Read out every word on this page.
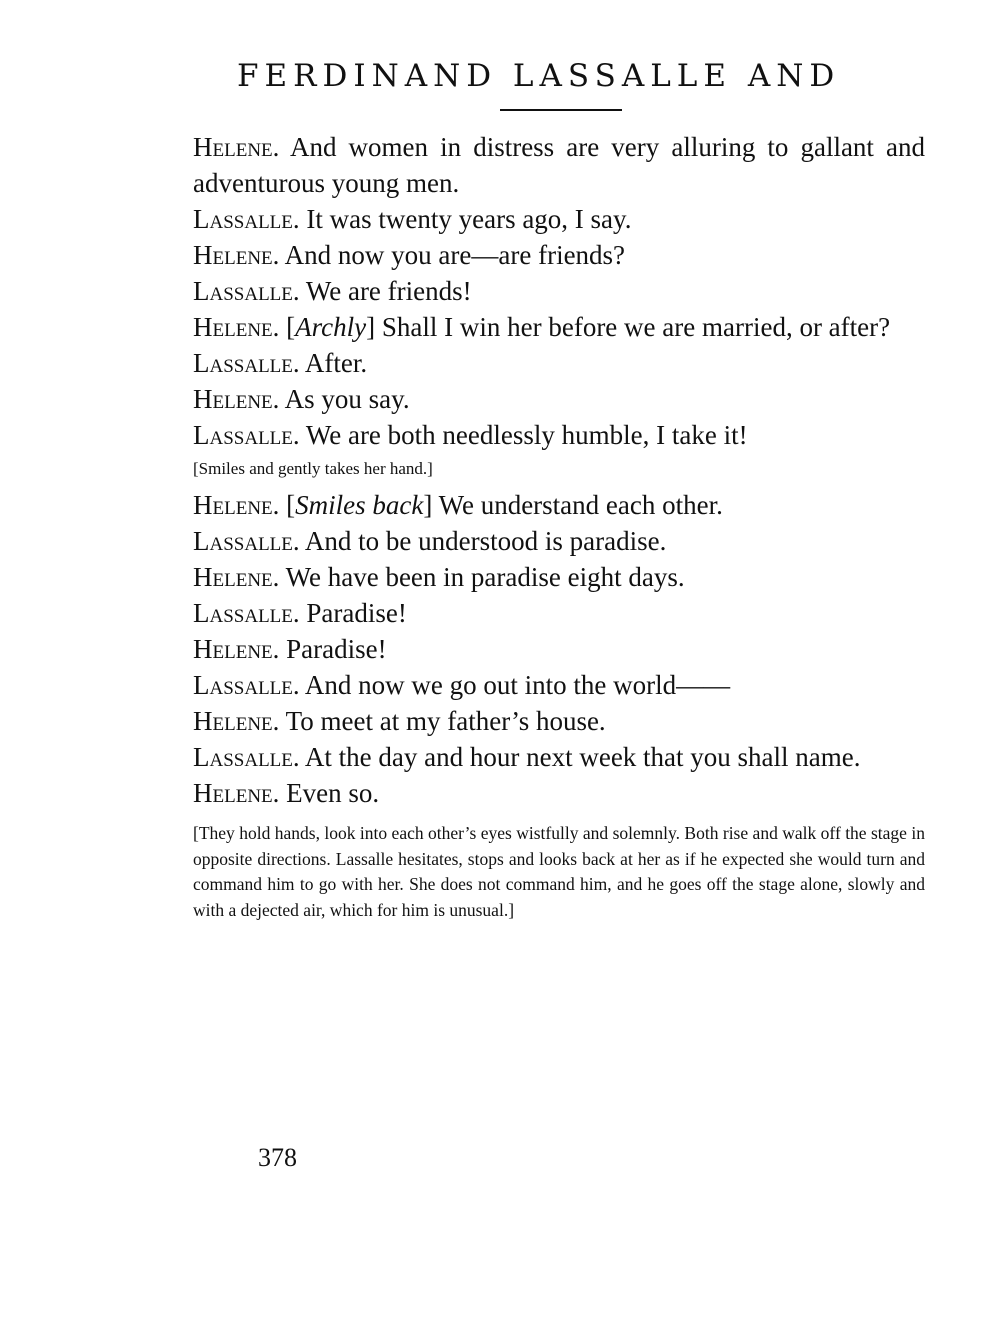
FERDINAND LASSALLE AND

Helene. And women in distress are very alluring to gallant and adventurous young men.

Lassalle. It was twenty years ago, I say.

Helene. And now you are—are friends?

Lassalle. We are friends!

Helene. [Archly] Shall I win her before we are married, or after?

Lassalle. After.

Helene. As you say.

Lassalle. We are both needlessly humble, I take it!

[Smiles and gently takes her hand.]

Helene. [Smiles back] We understand each other.

Lassalle. And to be understood is paradise.

Helene. We have been in paradise eight days.

Lassalle. Paradise!

Helene. Paradise!

Lassalle. And now we go out into the world——

Helene. To meet at my father’s house.

Lassalle. At the day and hour next week that you shall name.

Helene. Even so.

[They hold hands, look into each other’s eyes wistfully and solemnly. Both rise and walk off the stage in opposite directions. Lassalle hesitates, stops and looks back at her as if he expected she would turn and command him to go with her. She does not command him, and he goes off the stage alone, slowly and with a dejected air, which for him is unusual.]

378
